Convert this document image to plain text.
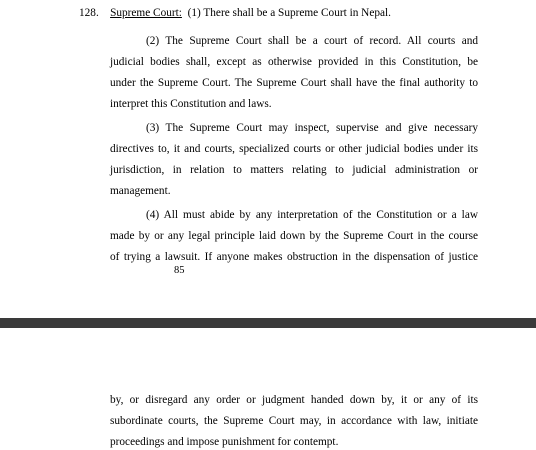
128. Supreme Court: (1) There shall be a Supreme Court in Nepal.
(2) The Supreme Court shall be a court of record. All courts and
judicial bodies shall, except as otherwise provided in this Constitution, be
under the Supreme Court. The Supreme Court shall have the final authority to
interpret this Constitution and laws.
(3) The Supreme Court may inspect, supervise and give necessary
directives to, it and courts, specialized courts or other judicial bodies under its
jurisdiction, in relation to matters relating to judicial administration or
management.
(4) All must abide by any interpretation of the Constitution or a law
made by or any legal principle laid down by the Supreme Court in the course
of trying a lawsuit. If anyone makes obstruction in the dispensation of justice
85
by, or disregard any order or judgment handed down by, it or any of its
subordinate courts, the Supreme Court may, in accordance with law, initiate
proceedings and impose punishment for contempt.
